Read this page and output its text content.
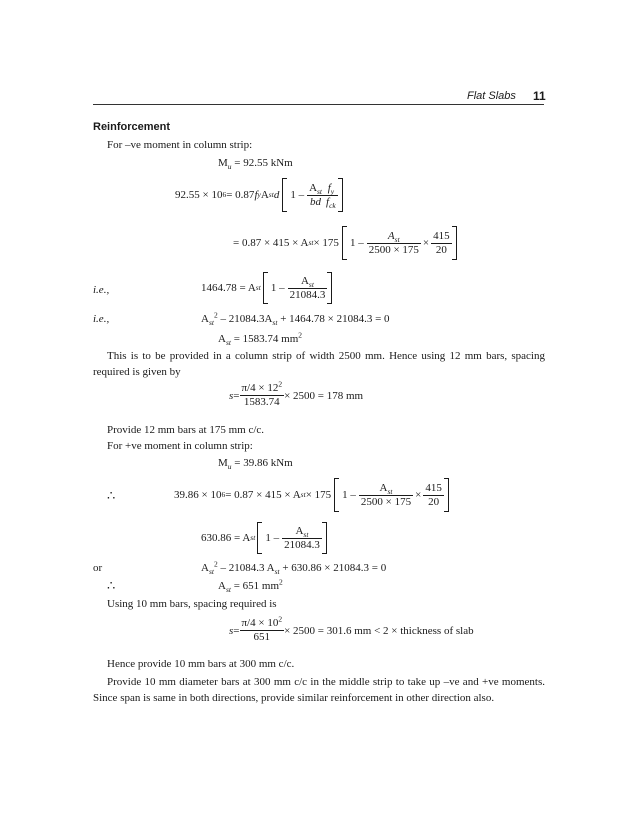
Flat Slabs 11
Reinforcement
For –ve moment in column strip:
$M_u = 92.55$ kNm
92.55 × 10 6 = 0.87 f y A st d $1 - \frac{A_{st}}{bd} \frac{f_y}{f_{ck}}$
= 0.87 × 415 × A st × 175 $1 - \frac{A_{st}}{2500 \times 175} \times \frac{415}{20}$
i.e.,	1464.78 = A st $1 - \frac{A_{st}}{21084.3}$
i.e.,	$A_{st}^2 - 21084.3A_{st} + 1464.78 \times 21084.3 = 0$
$A_{st} = 1583.74$ $mm^2$
This is to be provided in a column strip of width 2500 mm. Hence using 12 mm bars, spacing required is given by
$s = \frac{\pi/4 \times 12^2}{1583.74} \times 2500 = 178$ mm
Provide 12 mm bars at 175 mm c/c.
For +ve moment in column strip:
$M_u = 39.86$ kNm
∴	39.86 × 10 6 = 0.87 × 415 × A st × 175 $1 - \frac{A_{st}}{2500 \times 175} \times \frac{415}{20}$
630.86 = A st $1 - \frac{A_{st}}{21084.3}$
or	$A_{st}^2 - 21084.3$ $A_{st} + 630.86 \times 21084.3 = 0$
∴	$A_{st} = 651$ $mm^2$
Using 10 mm bars, spacing required is
$s = \frac{\pi/4 \times 10^2}{651} \times 2500 = 301.6$ mm < 2 × thickness of slab
Hence provide 10 mm bars at 300 mm c/c.
Provide 10 mm diameter bars at 300 mm c/c in the middle strip to take up –ve and +ve moments. Since span is same in both directions, provide similar reinforcement in other direction also.
